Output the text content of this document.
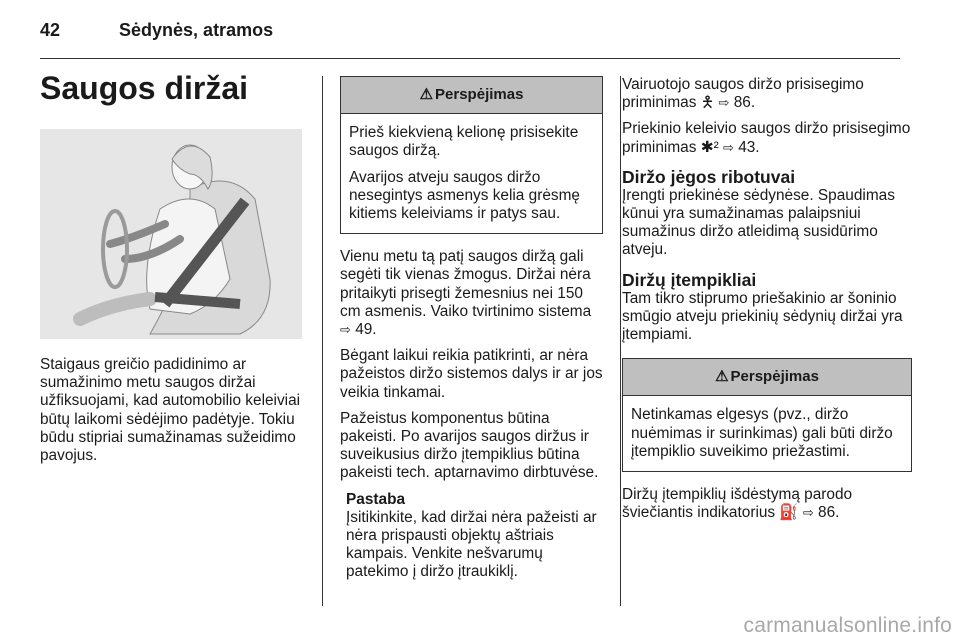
42	Sėdynės, atramos
Saugos diržai

Staigaus greičio padidinimo ar sumažinimo metu saugos diržai užfiksuojami, kad automobilio keleiviai būtų laikomi sėdėjimo padėtyje. Tokiu būdu stipriai sumažinamas sužeidimo pavojus.

⚠ Perspėjimas

Prieš kiekvieną kelionę prisisekite saugos diržą.

Avarijos atveju saugos diržo nesegintys asmenys kelia grėsmę kitiems keleiviams ir patys sau.

Vienu metu tą patį saugos diržą gali segėti tik vienas žmogus. Diržai nėra pritaikyti prisegti žemesnius nei 150 cm asmenis. Vaiko tvirtinimo sistema ⇨ 49.

Bėgant laikui reikia patikrinti, ar nėra pažeistos diržo sistemos dalys ir ar jos veikia tinkamai.

Pažeistus komponentus būtina pakeisti. Po avarijos saugos diržus ir suveikusius diržo įtempiklius būtina pakeisti tech. aptarnavimo dirbtuvėse.

Pastaba
Įsitikinkite, kad diržai nėra pažeisti ar nėra prispausti objektų aštriais kampais. Venkite nešvarumų patekimo į diržo įtraukiklį.

Vairuotojo saugos diržo prisisegimo priminimas 🯅 ⇨ 86.

Priekinio keleivio saugos diržo prisisegimo priminimas ✱² ⇨ 43.

Diržo jėgos ribotuvai

Įrengti priekinėse sėdynėse. Spaudimas kūnui yra sumažinamas palaipsniui sumažinus diržo atleidimą susidūrimo atveju.

Diržų įtempikliai

Tam tikro stiprumo priešakinio ar šoninio smūgio atveju priekinių sėdynių diržai yra įtempiami.

⚠ Perspėjimas

Netinkamas elgesys (pvz., diržo nuėmimas ir surinkimas) gali būti diržo įtempiklio suveikimo priežastimi.

Diržų įtempiklių išdėstymą parodo šviečiantis indikatorius ⛽ ⇨ 86.

carmanualsonline.info
